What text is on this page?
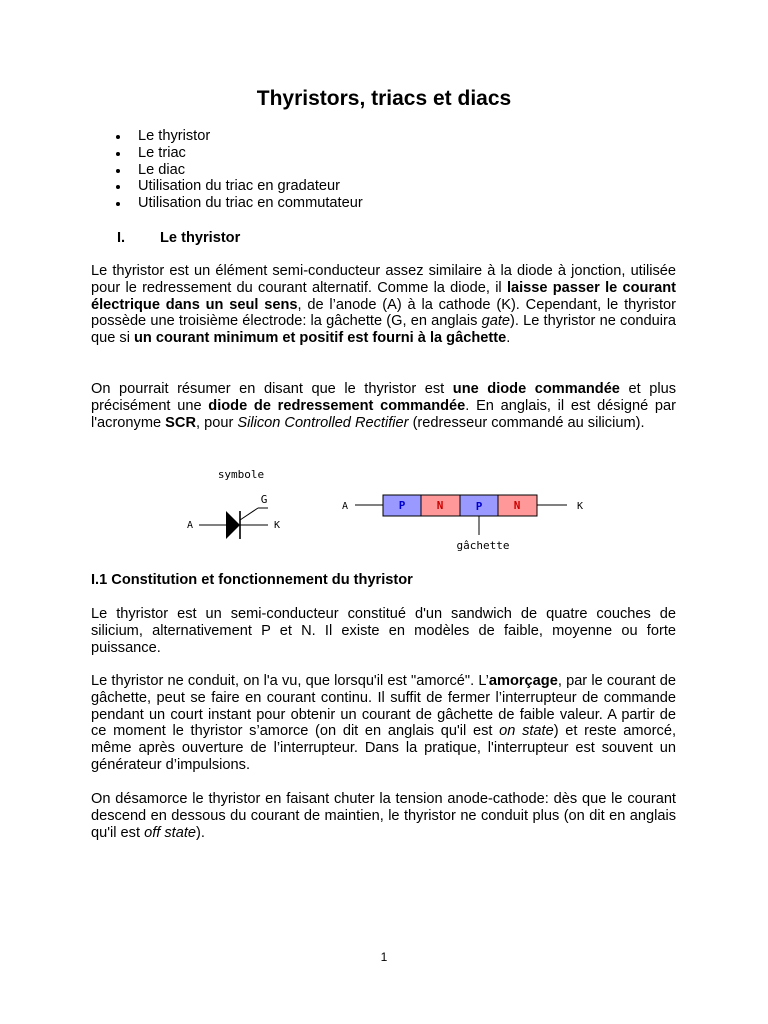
Thyristors, triacs et diacs
Le thyristor
Le triac
Le diac
Utilisation du triac en gradateur
Utilisation du triac en commutateur
I. Le thyristor

Le thyristor est un élément semi-conducteur assez similaire à la diode à jonction, utilisée pour le redressement du courant alternatif. Comme la diode, il laisse passer le courant électrique dans un seul sens, de l’anode (A) à la cathode (K). Cependant, le thyristor possède une troisième électrode: la gâchette (G, en anglais gate). Le thyristor ne conduira que si un courant minimum et positif est fourni à la gâchette.

On pourrait résumer en disant que le thyristor est une diode commandée et plus précisément une diode de redressement commandée. En anglais, il est désigné par l'acronyme SCR, pour Silicon Controlled Rectifier (redresseur commandé au silicium).

symbole
G
A	K
A	P	N	P	N	K
gâchette
I.1 Constitution et fonctionnement du thyristor

Le thyristor est un semi-conducteur constitué d'un sandwich de quatre couches de silicium, alternativement P et N. Il existe en modèles de faible, moyenne ou forte puissance.

Le thyristor ne conduit, on l'a vu, que lorsqu'il est "amorcé". L’amorçage, par le courant de gâchette, peut se faire en courant continu. Il suffit de fermer l’interrupteur de commande pendant un court instant pour obtenir un courant de gâchette de faible valeur. A partir de ce moment le thyristor s’amorce (on dit en anglais qu'il est on state) et reste amorcé, même après ouverture de l’interrupteur. Dans la pratique, l'interrupteur est souvent un générateur d’impulsions.

On désamorce le thyristor en faisant chuter la tension anode-cathode: dès que le courant descend en dessous du courant de maintien, le thyristor ne conduit plus (on dit en anglais qu'il est off state).

1
